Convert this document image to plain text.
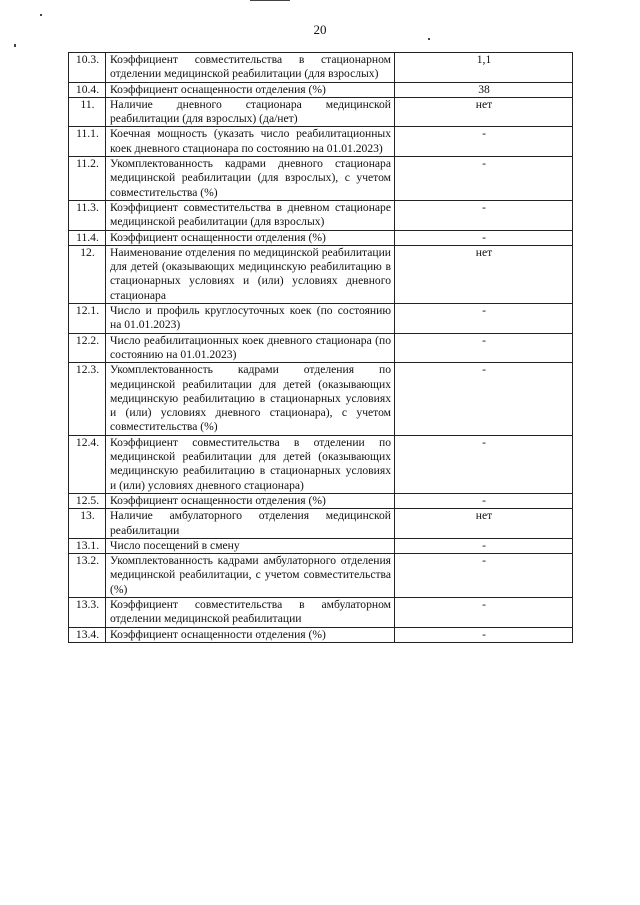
20
10.3.	Коэффициент совместительства в стационарном отделении медицинской реабилитации (для взрослых)	1,1
10.4.	Коэффициент оснащенности отделения (%)	38
11.	Наличие дневного стационара медицинской реабилитации (для взрослых) (да/нет)	нет
11.1.	Коечная мощность (указать число реабилитационных коек дневного стационара по состоянию на 01.01.2023)	-
11.2.	Укомплектованность кадрами дневного стационара медицинской реабилитации (для взрослых), с учетом совместительства (%)	-
11.3.	Коэффициент совместительства в дневном стационаре медицинской реабилитации (для взрослых)	-
11.4.	Коэффициент оснащенности отделения (%)	-
12.	Наименование отделения по медицинской реабилитации для детей (оказывающих медицинскую реабилитацию в стационарных условиях и (или) условиях дневного стационара	нет
12.1.	Число и профиль круглосуточных коек (по состоянию на 01.01.2023)	-
12.2.	Число реабилитационных коек дневного стационара (по состоянию на 01.01.2023)	-
12.3.	Укомплектованность кадрами отделения по медицинской реабилитации для детей (оказывающих медицинскую реабилитацию в стационарных условиях и (или) условиях дневного стационара), с учетом совместительства (%)	-
12.4.	Коэффициент совместительства в отделении по медицинской реабилитации для детей (оказывающих медицинскую реабилитацию в стационарных условиях и (или) условиях дневного стационара)	-
12.5.	Коэффициент оснащенности отделения (%)	-
13.	Наличие амбулаторного отделения медицинской реабилитации	нет
13.1.	Число посещений в смену	-
13.2.	Укомплектованность кадрами амбулаторного отделения медицинской реабилитации, с учетом совместительства (%)	-
13.3.	Коэффициент совместительства в амбулаторном отделении медицинской реабилитации	-
13.4.	Коэффициент оснащенности отделения (%)	-
